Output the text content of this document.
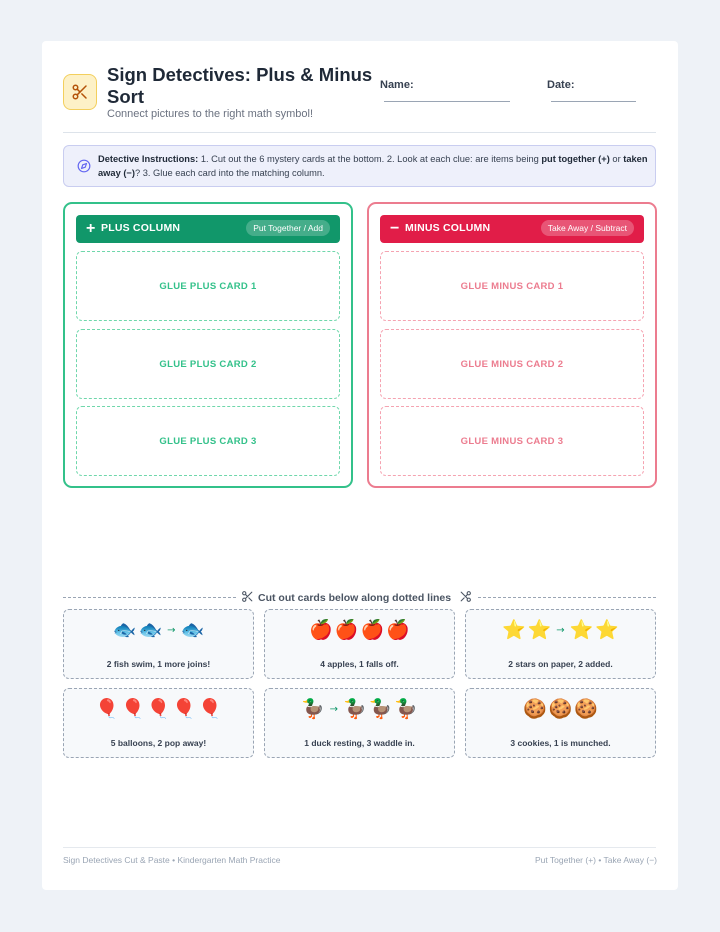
Sign Detectives: Plus & Minus Sort
Connect pictures to the right math symbol!
Name:	Date:
Detective Instructions: 1. Cut out the 6 mystery cards at the bottom. 2. Look at each clue: are items being put together (+) or taken away (−)? 3. Glue each card into the matching column.
+ PLUS COLUMN	Put Together / Add
GLUE PLUS CARD 1
GLUE PLUS CARD 2
GLUE PLUS CARD 3
− MINUS COLUMN	Take Away / Subtract
GLUE MINUS CARD 1
GLUE MINUS CARD 2
GLUE MINUS CARD 3
Cut out cards below along dotted lines
🐟 🐟 → 🐟
2 fish swim, 1 more joins!
🍎 🍎 🍎 🍎
4 apples, 1 falls off.
⭐ ⭐ → ⭐ ⭐
2 stars on paper, 2 added.
🎈 🎈 🎈 🎈 🎈
5 balloons, 2 pop away!
🦆 → 🦆 🦆 🦆
1 duck resting, 3 waddle in.
🍪 🍪 🍪
3 cookies, 1 is munched.
Sign Detectives Cut & Paste • Kindergarten Math Practice	Put Together (+) • Take Away (−)
